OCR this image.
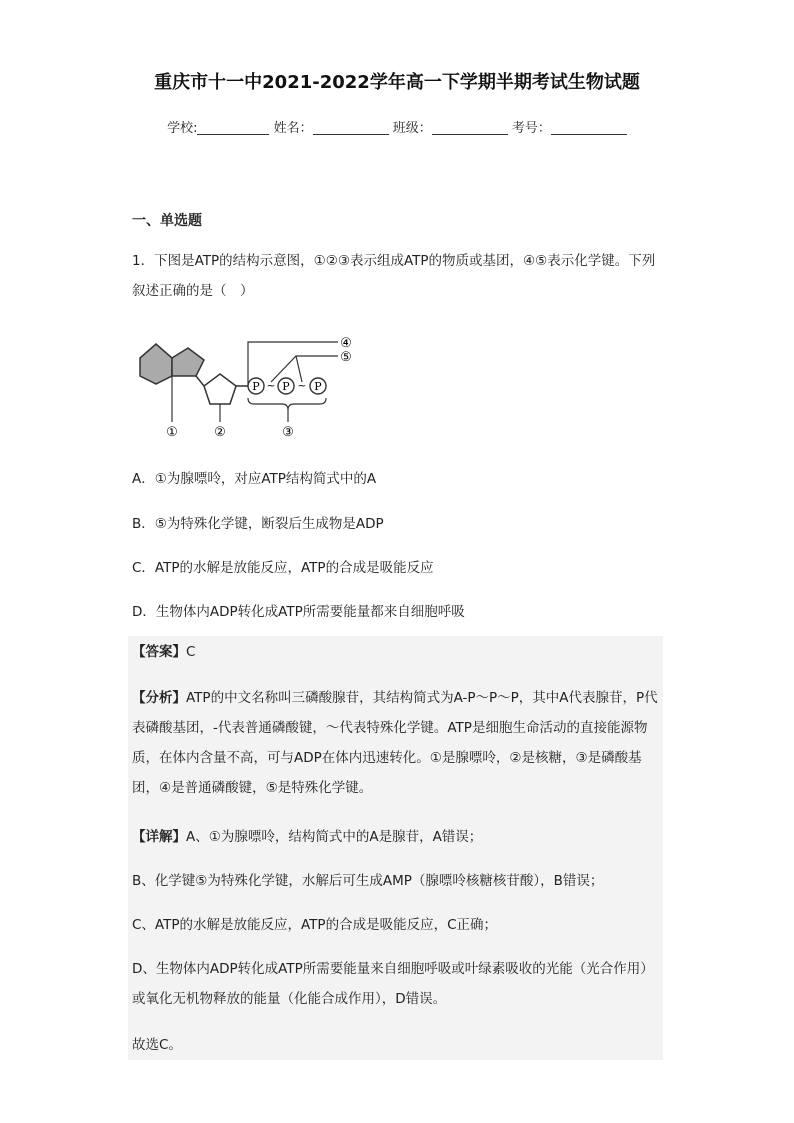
重庆市十一中2021-2022学年高一下学期半期考试生物试题
学校:	姓名：	班级：	考号：
一、单选题
1．下图是ATP的结构示意图，①②③表示组成ATP的物质或基团，④⑤表示化学键。下列叙述正确的是（　）
P P P
~ ~
④
⑤
③
①	②
A．①为腺嘌呤，对应ATP结构简式中的A
B．⑤为特殊化学键，断裂后生成物是ADP
C．ATP的水解是放能反应，ATP的合成是吸能反应
D．生物体内ADP转化成ATP所需要能量都来自细胞呼吸
【答案】C
【分析】ATP的中文名称叫三磷酸腺苷，其结构简式为A-P～P～P，其中A代表腺苷，P代表磷酸基团，-代表普通磷酸键，～代表特殊化学键。ATP是细胞生命活动的直接能源物质，在体内含量不高，可与ADP在体内迅速转化。①是腺嘌呤，②是核糖，③是磷酸基团，④是普通磷酸键，⑤是特殊化学键。
【详解】A、①为腺嘌呤，结构简式中的A是腺苷，A错误；
B、化学键⑤为特殊化学键，水解后可生成AMP（腺嘌呤核糖核苷酸），B错误；
C、ATP的水解是放能反应，ATP的合成是吸能反应，C正确；
D、生物体内ADP转化成ATP所需要能量来自细胞呼吸或叶绿素吸收的光能（光合作用）或氧化无机物释放的能量（化能合成作用），D错误。
故选C。
